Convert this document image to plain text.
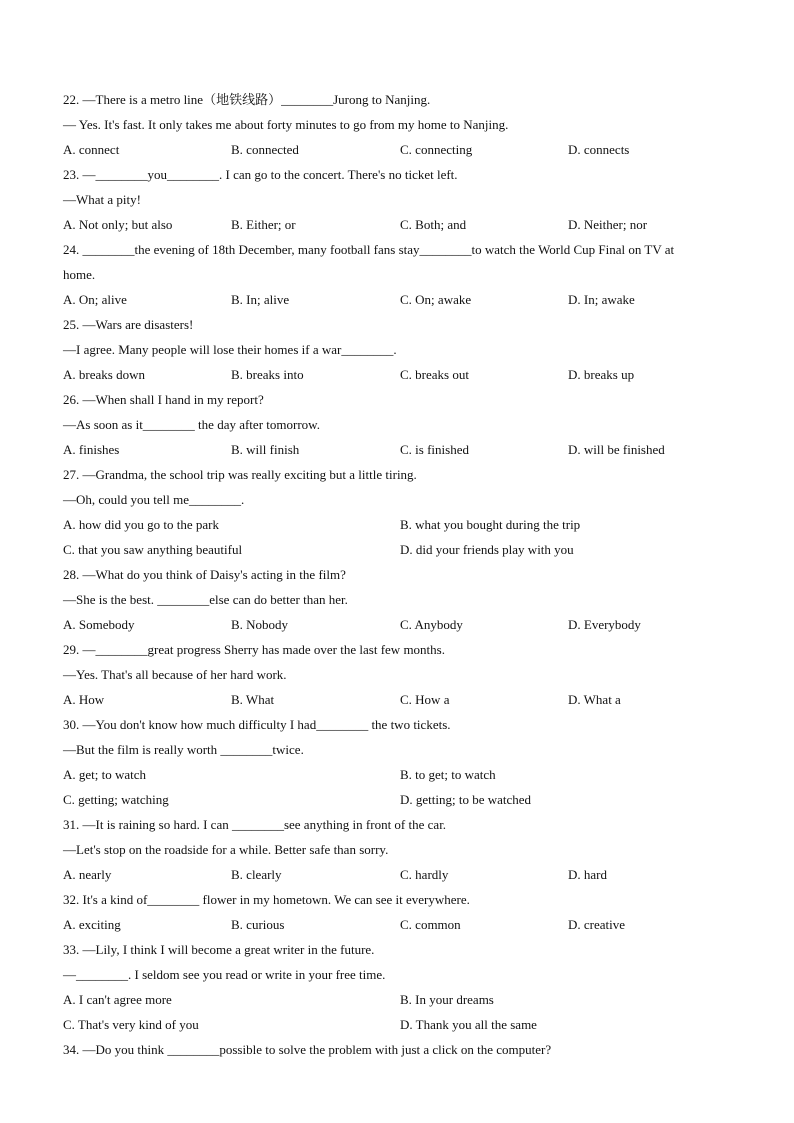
22. —There is a metro line（地铁线路）________Jurong to Nanjing.
— Yes. It's fast. It only takes me about forty minutes to go from my home to Nanjing.
A. connect	B. connected	C. connecting	D. connects
23. —________you________. I can go to the concert. There's no ticket left.
—What a pity!
A. Not only; but also	B. Either; or	C. Both; and	D. Neither; nor
24. ________the evening of 18th December, many football fans stay________to watch the World Cup Final on TV at
home.
A. On; alive	B. In; alive	C. On; awake	D. In; awake
25. —Wars are disasters!
—I agree. Many people will lose their homes if a war________.
A. breaks down	B. breaks into	C. breaks out	D. breaks up
26. —When shall I hand in my report?
—As soon as it________ the day after tomorrow.
A. finishes	B. will finish	C. is finished	D. will be finished
27. —Grandma, the school trip was really exciting but a little tiring.
—Oh, could you tell me________.
A. how did you go to the park	B. what you bought during the trip
C. that you saw anything beautiful	D. did your friends play with you
28. —What do you think of Daisy's acting in the film?
—She is the best. ________else can do better than her.
A. Somebody	B. Nobody	C. Anybody	D. Everybody
29. —________great progress Sherry has made over the last few months.
—Yes. That's all because of her hard work.
A. How	B. What	C. How a	D. What a
30. —You don't know how much difficulty I had________ the two tickets.
—But the film is really worth ________twice.
A. get; to watch	B. to get; to watch
C. getting; watching	D. getting; to be watched
31. —It is raining so hard. I can ________see anything in front of the car.
—Let's stop on the roadside for a while. Better safe than sorry.
A. nearly	B. clearly	C. hardly	D. hard
32. It's a kind of________ flower in my hometown. We can see it everywhere.
A. exciting	B. curious	C. common	D. creative
33. —Lily, I think I will become a great writer in the future.
—________. I seldom see you read or write in your free time.
A. I can't agree more	B. In your dreams
C. That's very kind of you	D. Thank you all the same
34. —Do you think ________possible to solve the problem with just a click on the computer?
